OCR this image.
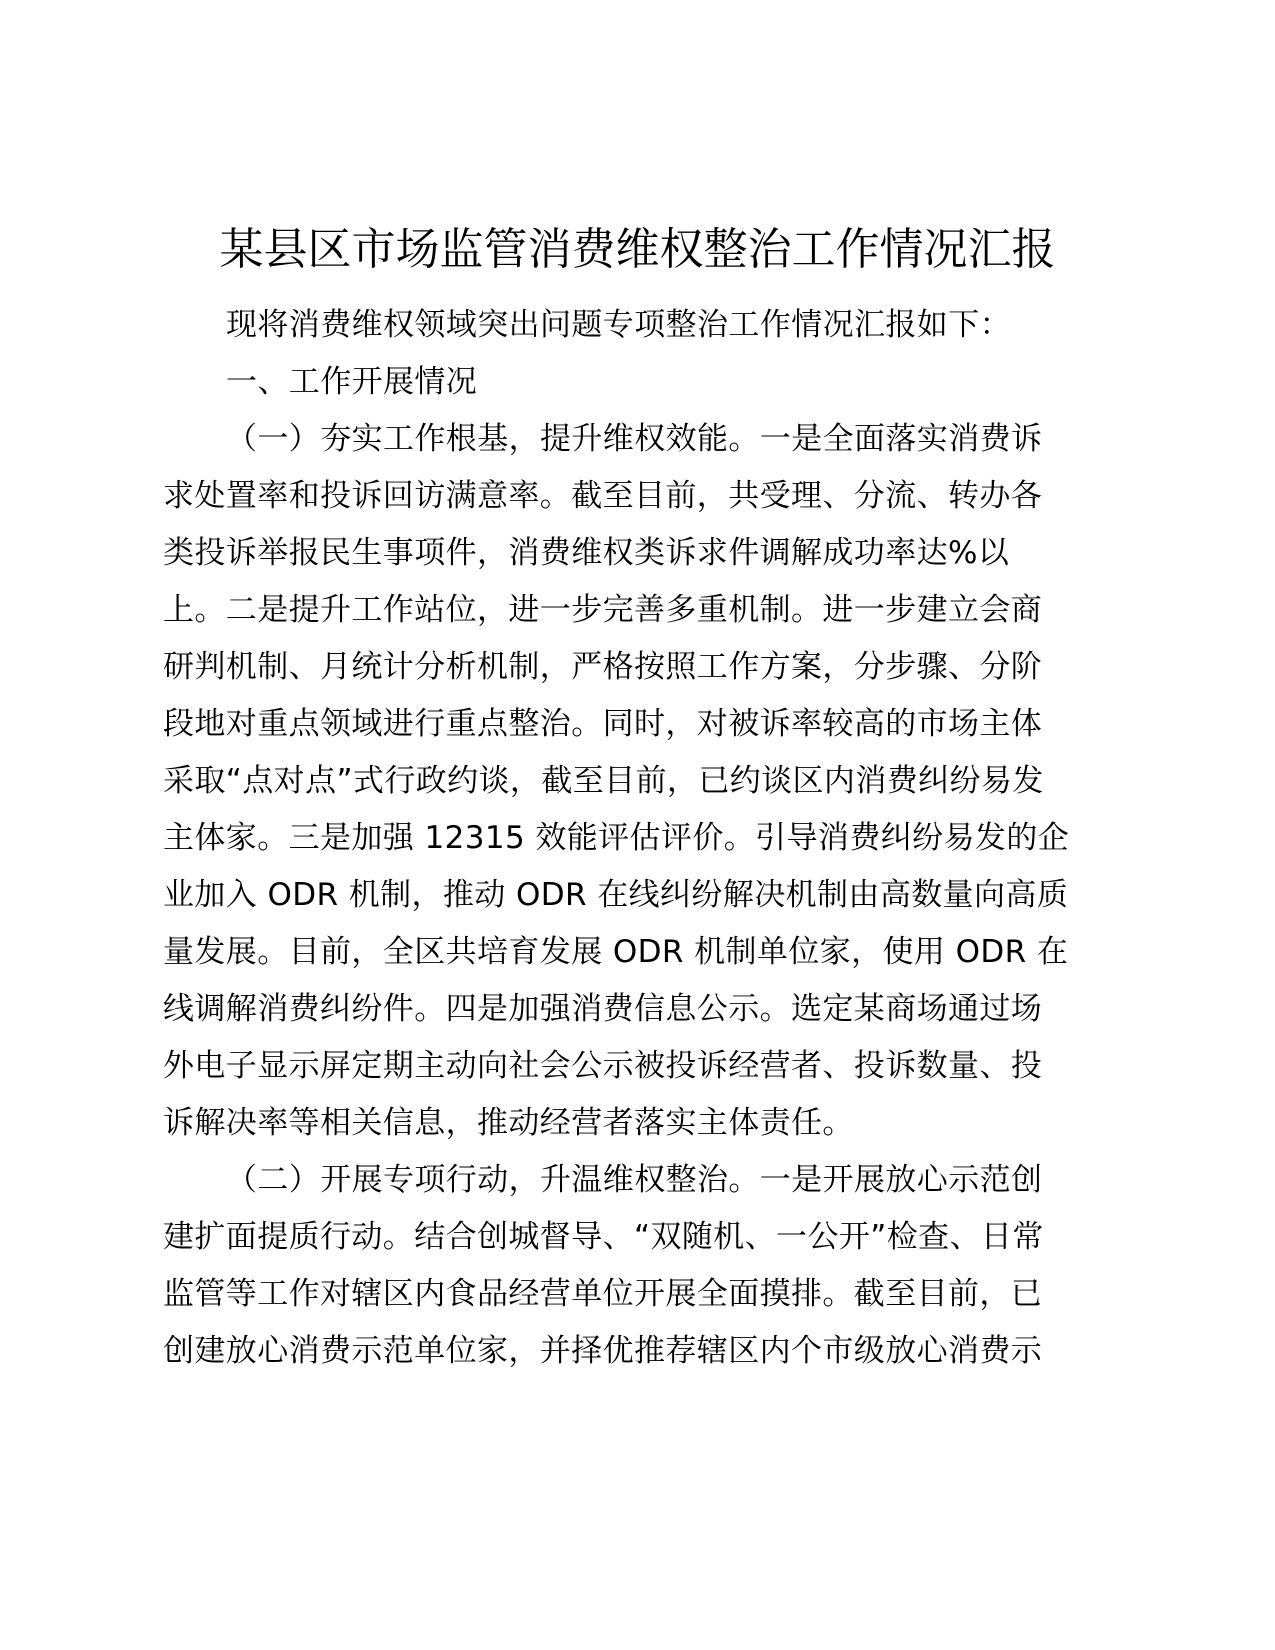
某县区市场监管消费维权整治工作情况汇报
现将消费维权领域突出问题专项整治工作情况汇报如下：
一、工作开展情况
（一）夯实工作根基，提升维权效能。一是全面落实消费诉
求处置率和投诉回访满意率。截至目前，共受理、分流、转办各
类投诉举报民生事项件，消费维权类诉求件调解成功率达%以
上。二是提升工作站位，进一步完善多重机制。进一步建立会商
研判机制、月统计分析机制，严格按照工作方案，分步骤、分阶
段地对重点领域进行重点整治。同时，对被诉率较高的市场主体
采取“点对点”式行政约谈，截至目前，已约谈区内消费纠纷易发
主体家。三是加强 12315 效能评估评价。引导消费纠纷易发的企
业加入 ODR 机制，推动 ODR 在线纠纷解决机制由高数量向高质
量发展。目前，全区共培育发展 ODR 机制单位家，使用 ODR 在
线调解消费纠纷件。四是加强消费信息公示。选定某商场通过场
外电子显示屏定期主动向社会公示被投诉经营者、投诉数量、投
诉解决率等相关信息，推动经营者落实主体责任。
（二）开展专项行动，升温维权整治。一是开展放心示范创
建扩面提质行动。结合创城督导、“双随机、一公开”检查、日常
监管等工作对辖区内食品经营单位开展全面摸排。截至目前，已
创建放心消费示范单位家，并择优推荐辖区内个市级放心消费示
